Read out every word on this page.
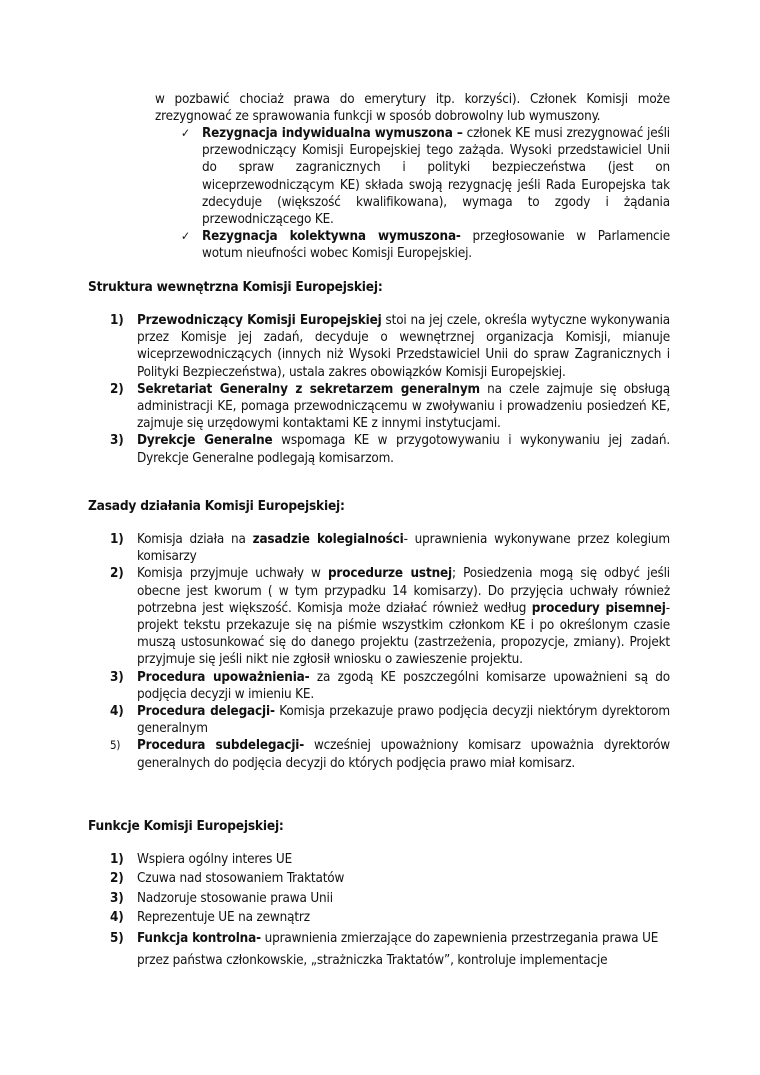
w pozbawić chociaż prawa do emerytury itp. korzyści). Członek Komisji może zrezygnować ze sprawowania funkcji w sposób dobrowolny lub wymuszony.

✓ Rezygnacja indywidualna wymuszona – członek KE musi zrezygnować jeśli przewodniczący Komisji Europejskiej tego zażąda. Wysoki przedstawiciel Unii do spraw zagranicznych i polityki bezpieczeństwa (jest on wiceprzewodniczącym KE) składa swoją rezygnację jeśli Rada Europejska tak zdecyduje (większość kwalifikowana), wymaga to zgody i żądania przewodniczącego KE.
✓ Rezygnacja kolektywna wymuszona- przegłosowanie w Parlamencie wotum nieufności wobec Komisji Europejskiej.
Struktura wewnętrzna Komisji Europejskiej:
1) Przewodniczący Komisji Europejskiej stoi na jej czele, określa wytyczne wykonywania przez Komisje jej zadań, decyduje o wewnętrznej organizacja Komisji, mianuje wiceprzewodniczących (innych niż Wysoki Przedstawiciel Unii do spraw Zagranicznych i Polityki Bezpieczeństwa), ustala zakres obowiązków Komisji Europejskiej.
2) Sekretariat Generalny z sekretarzem generalnym na czele zajmuje się obsługą administracji KE, pomaga przewodniczącemu w zwoływaniu i prowadzeniu posiedzeń KE, zajmuje się urzędowymi kontaktami KE z innymi instytucjami.
3) Dyrekcje Generalne wspomaga KE w przygotowywaniu i wykonywaniu jej zadań. Dyrekcje Generalne podlegają komisarzom.
Zasady działania Komisji Europejskiej:
1) Komisja działa na zasadzie kolegialności- uprawnienia wykonywane przez kolegium komisarzy
2) Komisja przyjmuje uchwały w procedurze ustnej; Posiedzenia mogą się odbyć jeśli obecne jest kworum ( w tym przypadku 14 komisarzy). Do przyjęcia uchwały również potrzebna jest większość. Komisja może działać również według procedury pisemnej- projekt tekstu przekazuje się na piśmie wszystkim członkom KE i po określonym czasie muszą ustosunkować się do danego projektu (zastrzeżenia, propozycje, zmiany). Projekt przyjmuje się jeśli nikt nie zgłosił wniosku o zawieszenie projektu.
3) Procedura upoważnienia- za zgodą KE poszczególni komisarze upoważnieni są do podjęcia decyzji w imieniu KE.
4) Procedura delegacji- Komisja przekazuje prawo podjęcia decyzji niektórym dyrektorom generalnym
5) Procedura subdelegacji- wcześniej upoważniony komisarz upoważnia dyrektorów generalnych do podjęcia decyzji do których podjęcia prawo miał komisarz.
Funkcje Komisji Europejskiej:
1) Wspiera ogólny interes UE
2) Czuwa nad stosowaniem Traktatów
3) Nadzoruje stosowanie prawa Unii
4) Reprezentuje UE na zewnątrz
5) Funkcja kontrolna- uprawnienia zmierzające do zapewnienia przestrzegania prawa UE przez państwa członkowskie, „strażniczka Traktatów”, kontroluje implementacje
